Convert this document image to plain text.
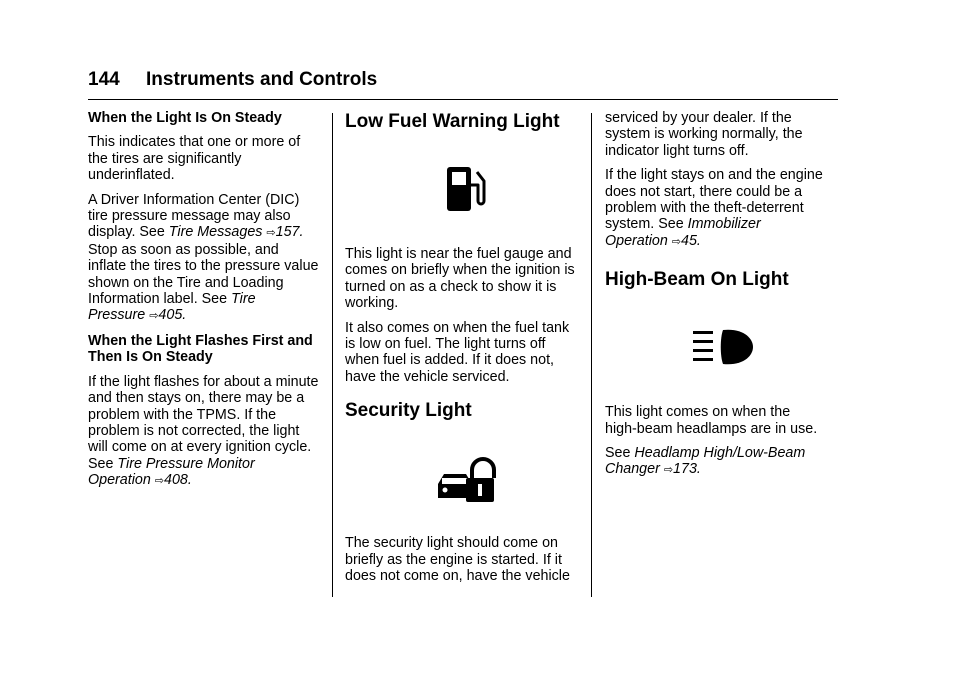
144 Instruments and Controls

When the Light Is On Steady

This indicates that one or more of
the tires are significantly
underinflated.

A Driver Information Center (DIC)
tire pressure message may also
display. See Tire Messages ⇨157.
Stop as soon as possible, and
inflate the tires to the pressure value
shown on the Tire and Loading
Information label. See Tire
Pressure ⇨405.

When the Light Flashes First and
Then Is On Steady

If the light flashes for about a minute
and then stays on, there may be a
problem with the TPMS. If the
problem is not corrected, the light
will come on at every ignition cycle.
See Tire Pressure Monitor
Operation ⇨408.

Low Fuel Warning Light

This light is near the fuel gauge and
comes on briefly when the ignition is
turned on as a check to show it is
working.

It also comes on when the fuel tank
is low on fuel. The light turns off
when fuel is added. If it does not,
have the vehicle serviced.

Security Light

The security light should come on
briefly as the engine is started. If it
does not come on, have the vehicle

serviced by your dealer. If the
system is working normally, the
indicator light turns off.

If the light stays on and the engine
does not start, there could be a
problem with the theft-deterrent
system. See Immobilizer
Operation ⇨45.

High-Beam On Light

This light comes on when the
high-beam headlamps are in use.

See Headlamp High/Low-Beam
Changer ⇨173.
